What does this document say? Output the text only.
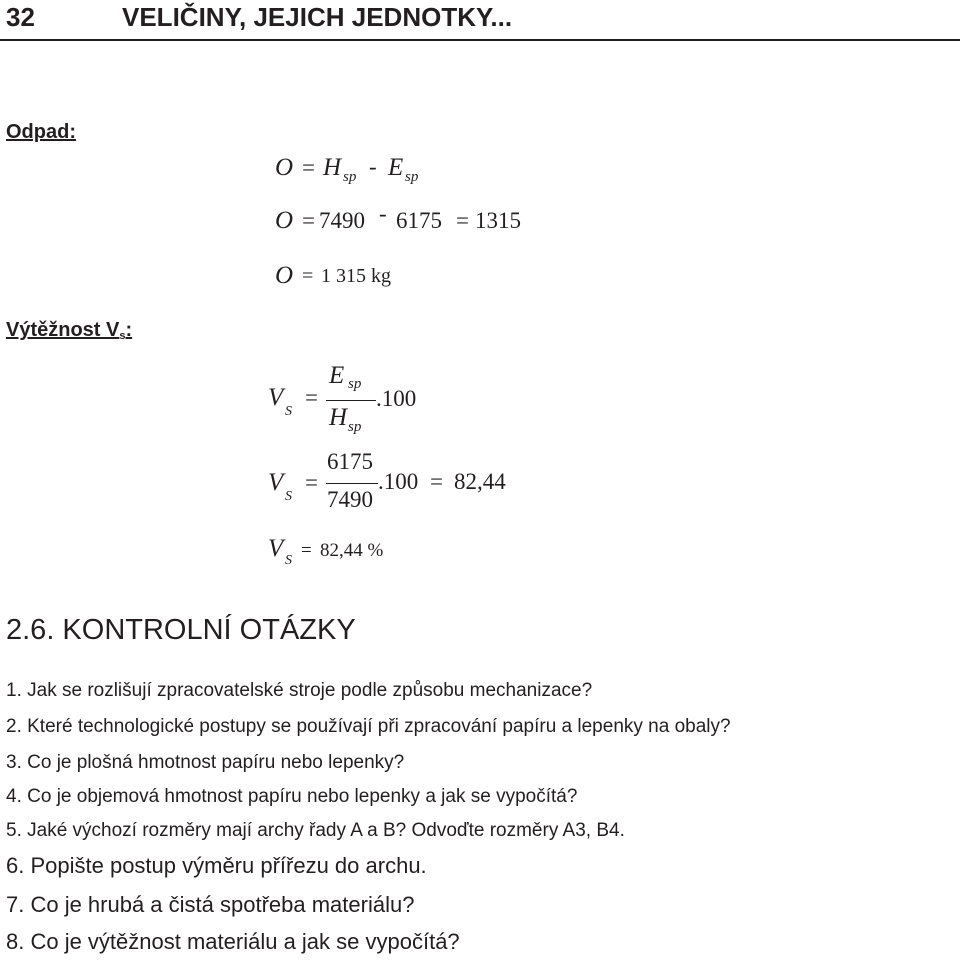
32	VELIČINY, JEJICH JEDNOTKY...
Odpad:
O = H sp - E sp
O = 7490 - 6175 = 1315
O = 1 315 kg
Výtěžnost Vs:
V
S
=
E sp
H sp
.100
V
S
=
6175
7490
.100 = 82,44
V S = 82,44 %
2.6. KONTROLNÍ OTÁZKY
1. Jak se rozlišují zpracovatelské stroje podle způsobu mechanizace?
2. Které technologické postupy se používají při zpracování papíru a lepenky na obaly?
3. Co je plošná hmotnost papíru nebo lepenky?
4. Co je objemová hmotnost papíru nebo lepenky a jak se vypočítá?
5. Jaké výchozí rozměry mají archy řady A a B? Odvoďte rozměry A3, B4.
6. Popište postup výměru přířezu do archu.
7. Co je hrubá a čistá spotřeba materiálu?
8. Co je výtěžnost materiálu a jak se vypočítá?
